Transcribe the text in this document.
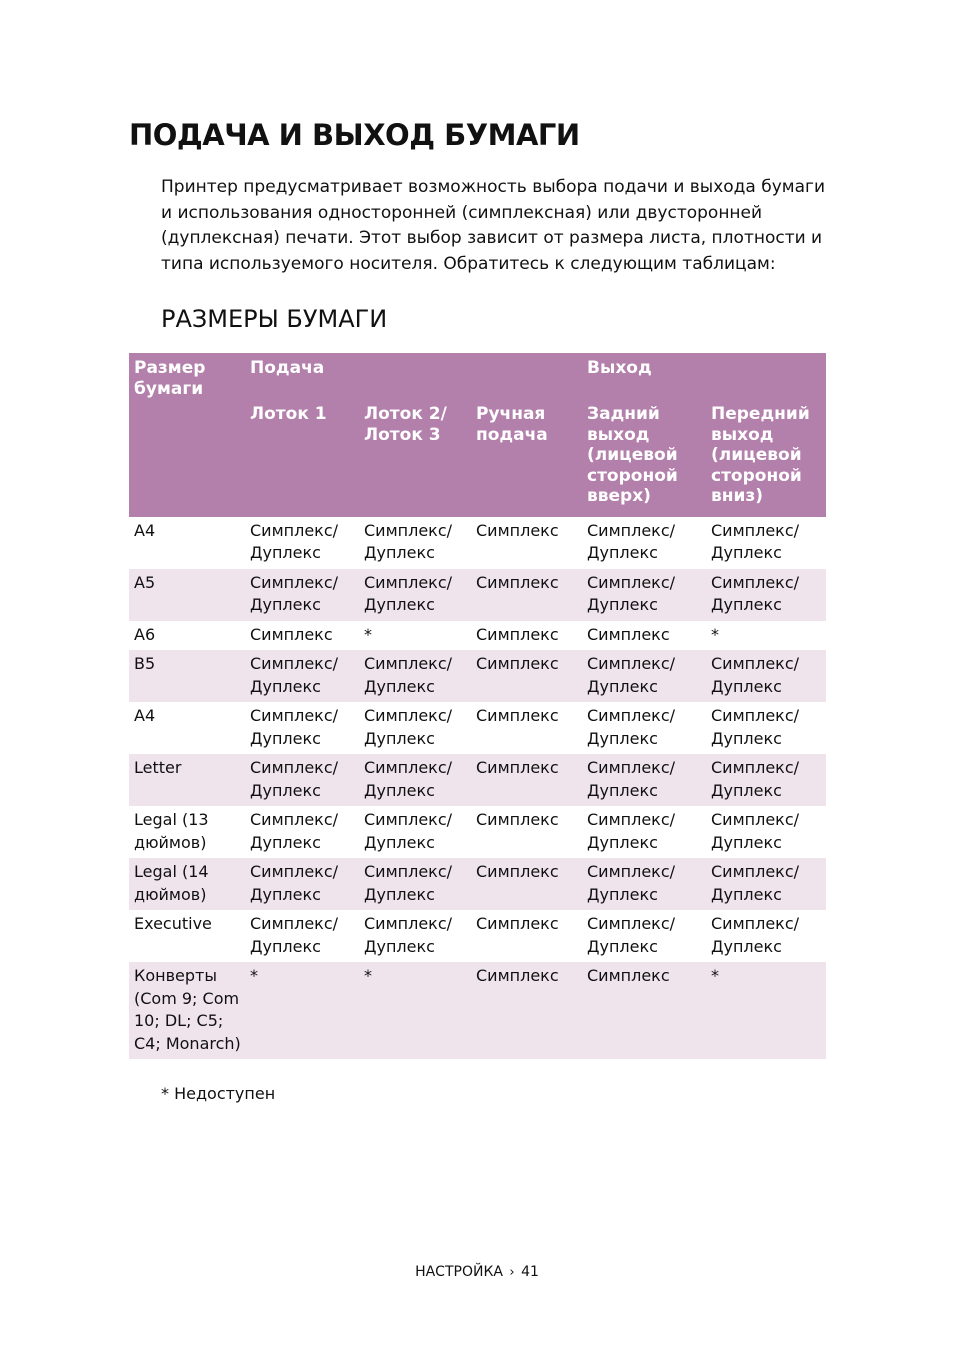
ПОДАЧА И ВЫХОД БУМАГИ

Принтер предусматривает возможность выбора подачи и выхода бумаги
и использования односторонней (симплексная) или двусторонней
(дуплексная) печати. Этот выбор зависит от размера листа, плотности и
типа используемого носителя. Обратитесь к следующим таблицам:

РАЗМЕРЫ БУМАГИ
Размер бумаги	Подача			Выход	
	Лоток 1	Лоток 2/ Лоток 3	Ручная подача	Задний выход (лицевой стороной вверх)	Передний выход (лицевой стороной вниз)
A4	Симплекс/ Дуплекс	Симплекс/ Дуплекс	Симплекс	Симплекс/ Дуплекс	Симплекс/ Дуплекс
A5	Симплекс/ Дуплекс	Симплекс/ Дуплекс	Симплекс	Симплекс/ Дуплекс	Симплекс/ Дуплекс
A6	Симплекс	*	Симплекс	Симплекс	*
B5	Симплекс/ Дуплекс	Симплекс/ Дуплекс	Симплекс	Симплекс/ Дуплекс	Симплекс/ Дуплекс
A4	Симплекс/ Дуплекс	Симплекс/ Дуплекс	Симплекс	Симплекс/ Дуплекс	Симплекс/ Дуплекс
Letter	Симплекс/ Дуплекс	Симплекс/ Дуплекс	Симплекс	Симплекс/ Дуплекс	Симплекс/ Дуплекс
Legal (13 дюймов)	Симплекс/ Дуплекс	Симплекс/ Дуплекс	Симплекс	Симплекс/ Дуплекс	Симплекс/ Дуплекс
Legal (14 дюймов)	Симплекс/ Дуплекс	Симплекс/ Дуплекс	Симплекс	Симплекс/ Дуплекс	Симплекс/ Дуплекс
Executive	Симплекс/ Дуплекс	Симплекс/ Дуплекс	Симплекс	Симплекс/ Дуплекс	Симплекс/ Дуплекс
Конверты (Com 9; Com 10; DL; C5; C4; Monarch)	*	*	Симплекс	Симплекс	*

* Недоступен

НАСТРОЙКА › 41
